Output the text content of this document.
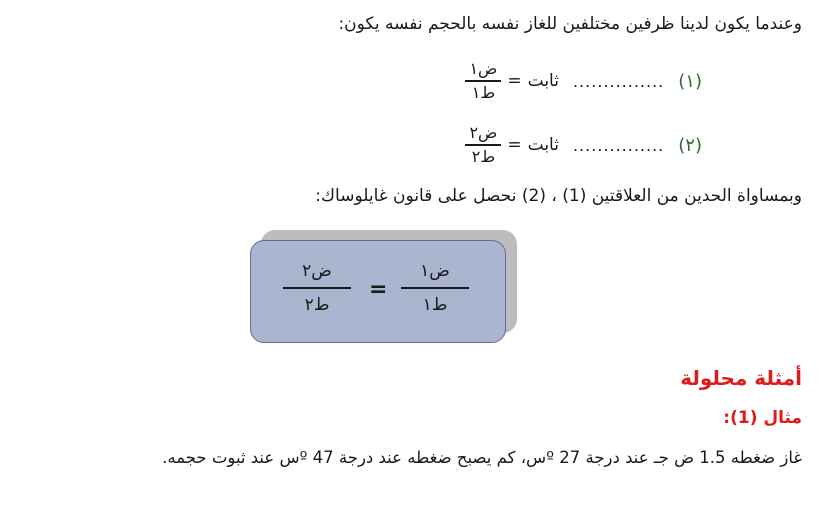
وعندما يكون لدينا ظرفين مختلفين للغاز نفسه بالحجم نفسه يكون:
$\frac{\text{ض١}}{\text{ط١}}$ = ثابت ............... (١)
$\frac{\text{ض٢}}{\text{ط٢}}$ = ثابت ............... (٢)
وبمساواة الحدين من العلاقتين (1) ، (2) نحصل على قانون غايلوساك:
ض٢
ط٢
=
ض١
ط١
أمثلة محلولة
مثال (1):
غاز ضغطه 1.5 ض جـ عند درجة 27 ºس، كم يصبح ضغطه عند درجة 47 ºس عند ثبوت حجمه.
